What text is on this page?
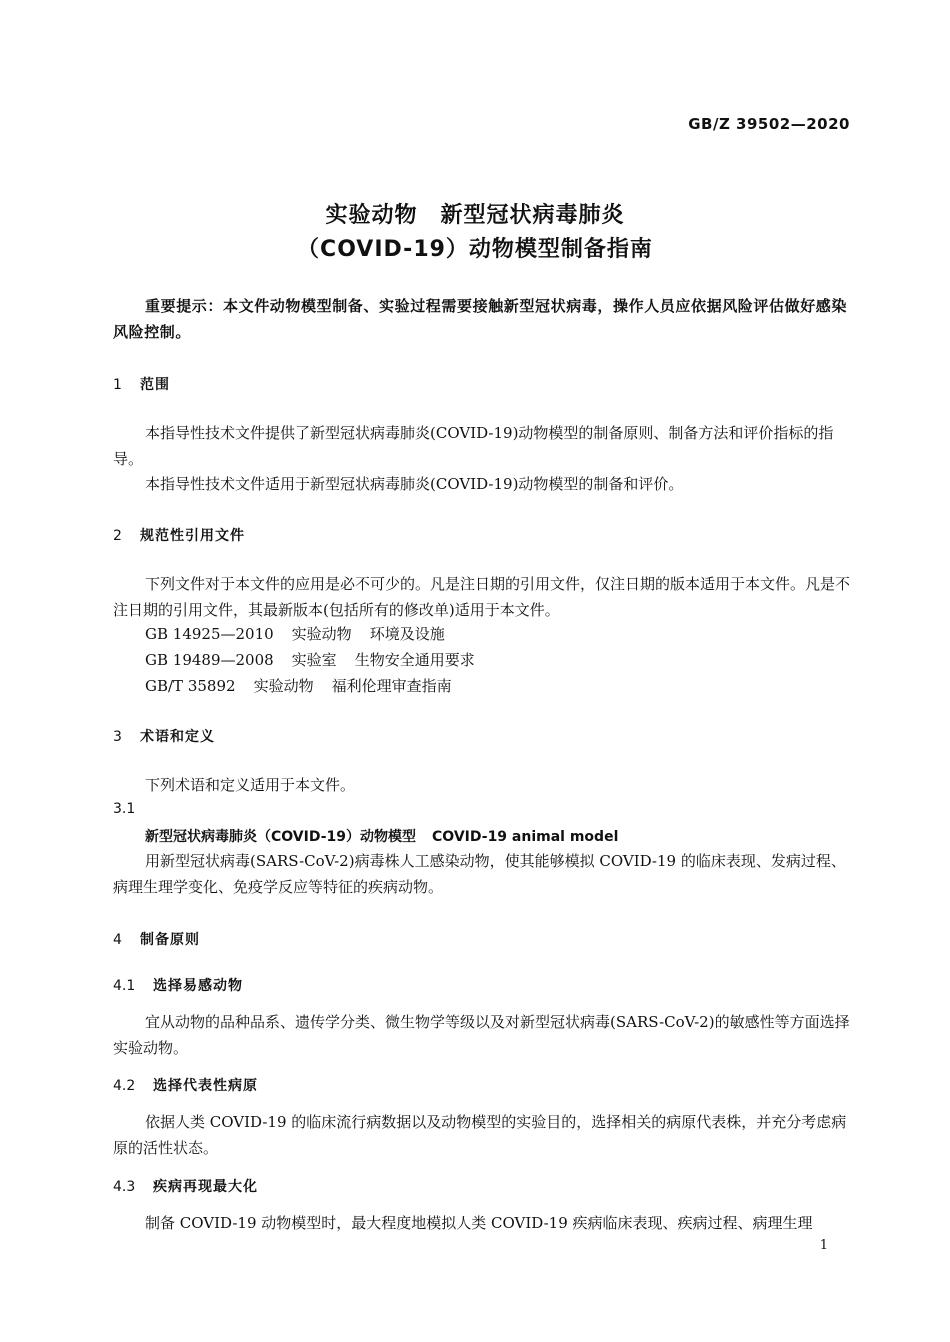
GB/Z 39502—2020
实验动物　新型冠状病毒肺炎
（COVID-19）动物模型制备指南

重要提示：本文件动物模型制备、实验过程需要接触新型冠状病毒，操作人员应依据风险评估做好感染风险控制。

1 范围

本指导性技术文件提供了新型冠状病毒肺炎(COVID-19)动物模型的制备原则、制备方法和评价指标的指导。

本指导性技术文件适用于新型冠状病毒肺炎(COVID-19)动物模型的制备和评价。

2 规范性引用文件

下列文件对于本文件的应用是必不可少的。凡是注日期的引用文件，仅注日期的版本适用于本文件。凡是不注日期的引用文件，其最新版本(包括所有的修改单)适用于本文件。

GB 14925—2010 实验动物 环境及设施
GB 19489—2008 实验室 生物安全通用要求
GB/T 35892 实验动物 福利伦理审查指南
3 术语和定义

下列术语和定义适用于本文件。

3.1
新型冠状病毒肺炎（COVID-19）动物模型 COVID-19 animal model

用新型冠状病毒(SARS-CoV-2)病毒株人工感染动物，使其能够模拟 COVID-19 的临床表现、发病过程、病理生理学变化、免疫学反应等特征的疾病动物。

4 制备原则
4.1 选择易感动物

宜从动物的品种品系、遗传学分类、微生物学等级以及对新型冠状病毒(SARS-CoV-2)的敏感性等方面选择实验动物。

4.2 选择代表性病原

依据人类 COVID-19 的临床流行病数据以及动物模型的实验目的，选择相关的病原代表株，并充分考虑病原的活性状态。

4.3 疾病再现最大化

制备 COVID-19 动物模型时，最大程度地模拟人类 COVID-19 疾病临床表现、疾病过程、病理生理

1
